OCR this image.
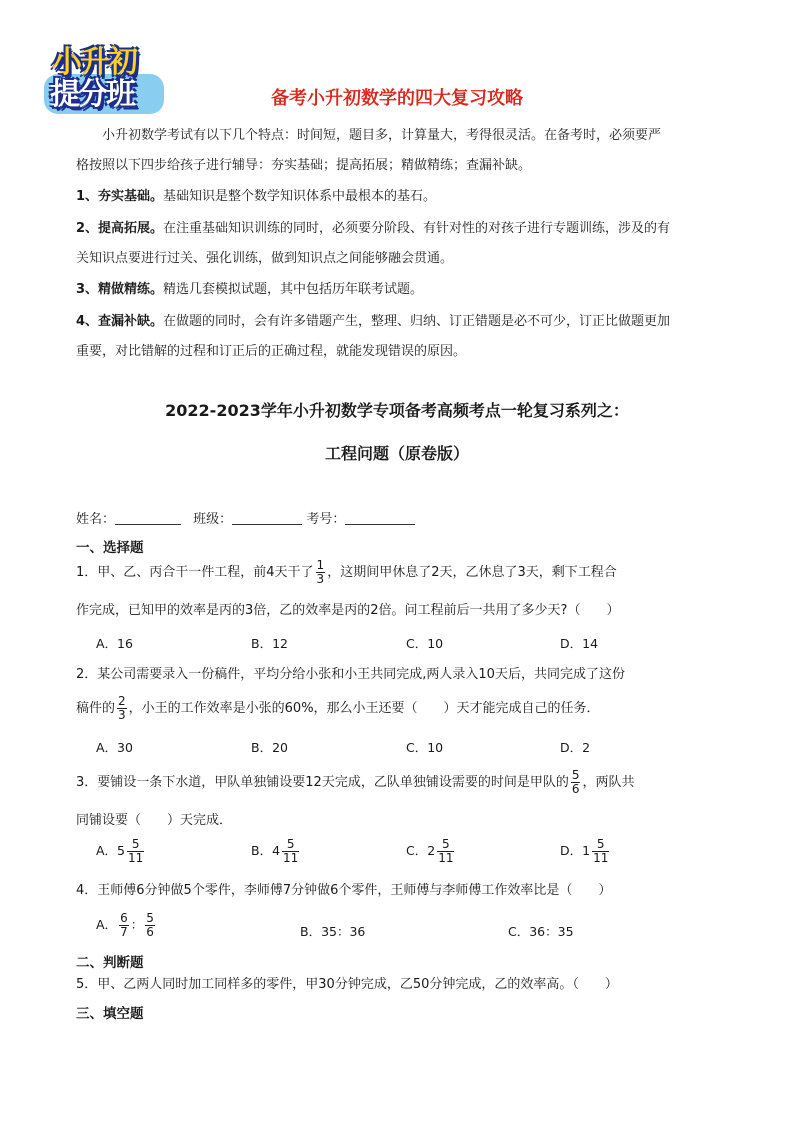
小升初
提分班	备考小升初数学的四大复习攻略
小升初数学考试有以下几个特点：时间短，题目多，计算量大，考得很灵活。在备考时，必须要严
格按照以下四步给孩子进行辅导：夯实基础；提高拓展；精做精练；查漏补缺。
1、夯实基础。基础知识是整个数学知识体系中最根本的基石。
2、提高拓展。在注重基础知识训练的同时，必须要分阶段、有针对性的对孩子进行专题训练，涉及的有
关知识点要进行过关、强化训练，做到知识点之间能够融会贯通。
3、精做精练。精选几套模拟试题，其中包括历年联考试题。
4、查漏补缺。在做题的同时，会有许多错题产生，整理、归纳、订正错题是必不可少，订正比做题更加
重要，对比错解的过程和订正后的正确过程，就能发现错误的原因。
2022-2023学年小升初数学专项备考高频考点一轮复习系列之：
工程问题（原卷版）
姓名：	班级：	考号：
一、选择题
1．甲、乙、丙合干一件工程，前4天干了 $\frac{1}{3}$ ，这期间甲休息了2天，乙休息了3天，剩下工程合
作完成，已知甲的效率是丙的3倍，乙的效率是丙的2倍。问工程前后一共用了多少天?（　　）
A．16	B．12	C．10	D．14
2．某公司需要录入一份稿件，平均分给小张和小王共同完成,两人录入10天后，共同完成了这份
稿件的 $\frac{2}{3}$ ，小王的工作效率是小张的60%，那么小王还要（　　）天才能完成自己的任务．
A．30	B．20	C．10	D．2
3．要铺设一条下水道，甲队单独铺设要12天完成，乙队单独铺设需要的时间是甲队的 $\frac{5}{6}$ ，两队共
同铺设要（　　）天完成．
A．$5 \frac{5}{11}$	B．$4 \frac{5}{11}$	C．$2 \frac{5}{11}$	D．$1 \frac{5}{11}$
4．王师傅6分钟做5个零件，李师傅7分钟做6个零件，王师傅与李师傅工作效率比是（　　）
A． $\frac{6}{7}$ ： $\frac{5}{6}$	B．35：36	C．36：35
二、判断题
5．甲、乙两人同时加工同样多的零件，甲30分钟完成，乙50分钟完成，乙的效率高。（　　）
三、填空题
